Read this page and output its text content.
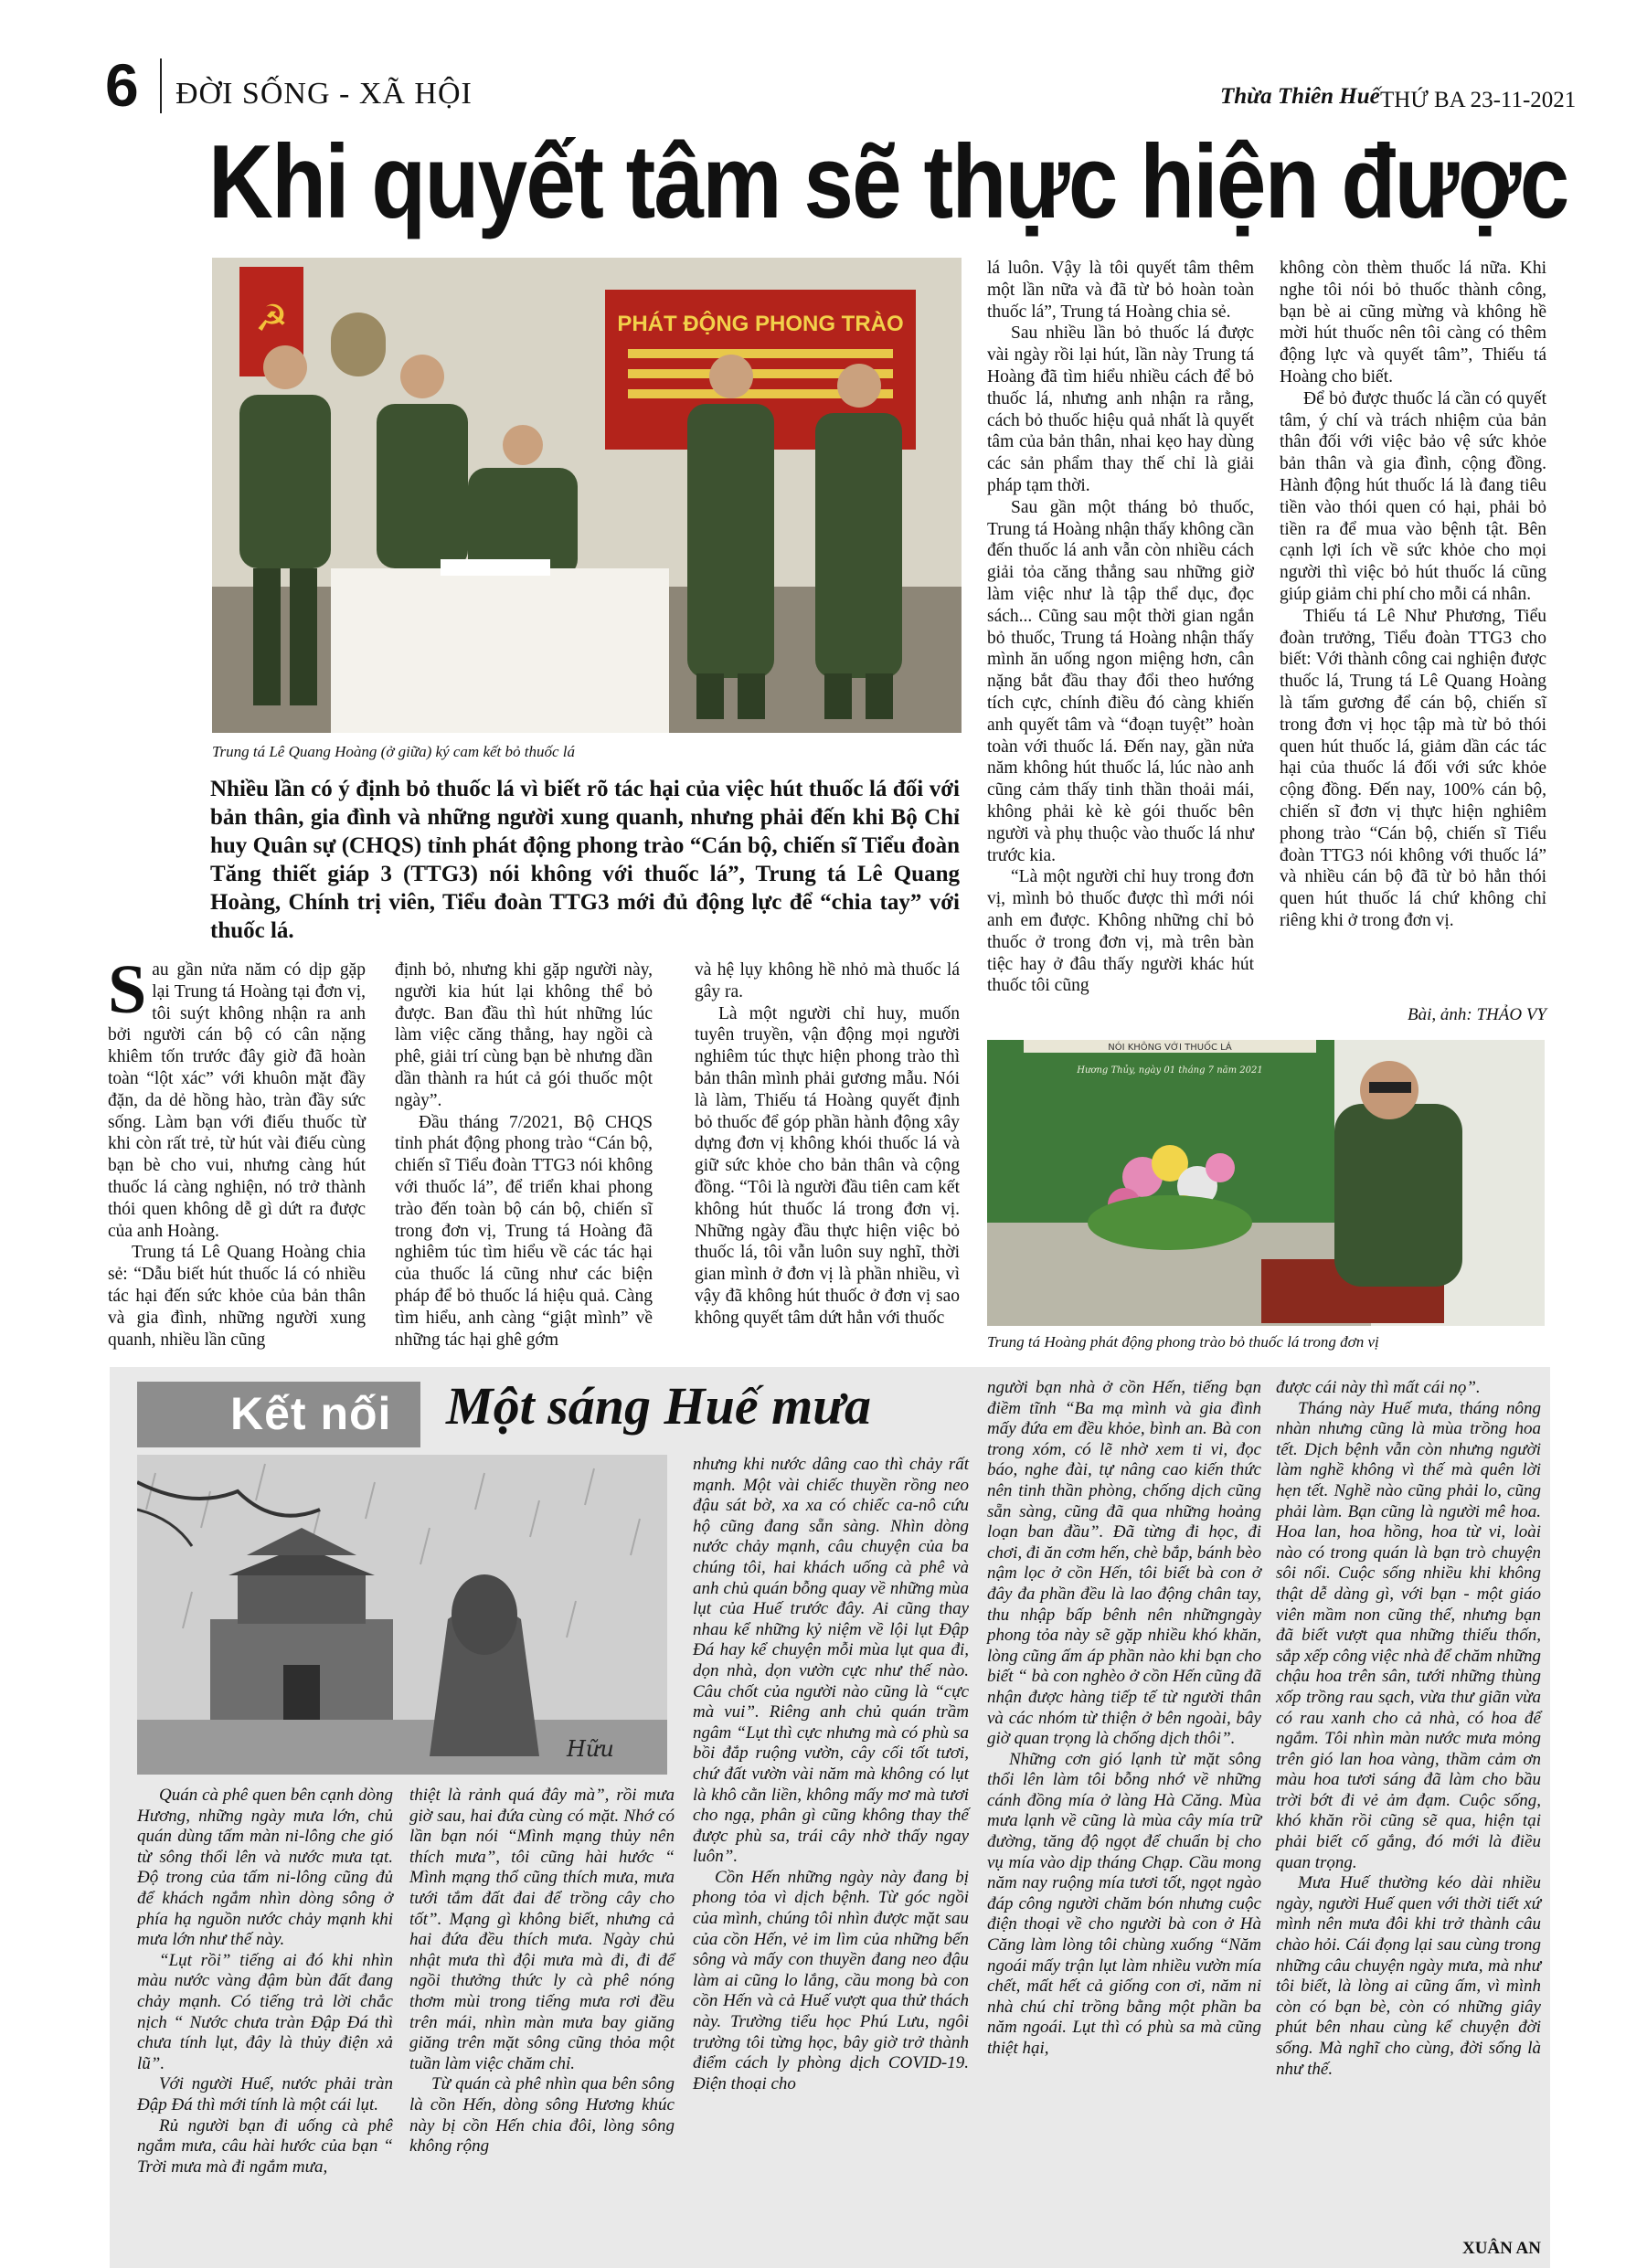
6 ĐỜI SỐNG - XÃ HỘI	Thừa Thiên Huế THỨ BA 23-11-2021
Khi quyết tâm sẽ thực hiện được
☭	PHÁT ĐỘNG PHONG TRÀO
Trung tá Lê Quang Hoàng (ở giữa) ký cam kết bỏ thuốc lá
Nhiều lần có ý định bỏ thuốc lá vì biết rõ tác hại của việc hút thuốc lá đối với bản thân, gia đình và những người xung quanh, nhưng phải đến khi Bộ Chỉ huy Quân sự (CHQS) tỉnh phát động phong trào “Cán bộ, chiến sĩ Tiểu đoàn Tăng thiết giáp 3 (TTG3) nói không với thuốc lá”, Trung tá Lê Quang Hoàng, Chính trị viên, Tiểu đoàn TTG3 mới đủ động lực để “chia tay” với thuốc lá.

Sau gần nửa năm có dịp gặp lại Trung tá Hoàng tại đơn vị, tôi suýt không nhận ra anh bởi người cán bộ có cân nặng khiêm tốn trước đây giờ đã hoàn toàn “lột xác” với khuôn mặt đầy đặn, da dẻ hồng hào, tràn đầy sức sống. Làm bạn với điếu thuốc từ khi còn rất trẻ, từ hút vài điếu cùng bạn bè cho vui, nhưng càng hút thuốc lá càng nghiện, nó trở thành thói quen không dễ gì dứt ra được của anh Hoàng.

Trung tá Lê Quang Hoàng chia sẻ: “Dẫu biết hút thuốc lá có nhiều tác hại đến sức khỏe của bản thân và gia đình, những người xung quanh, nhiều lần cũng

định bỏ, nhưng khi gặp người này, người kia hút lại không thể bỏ được. Ban đầu thì hút những lúc làm việc căng thẳng, hay ngồi cà phê, giải trí cùng bạn bè nhưng dần dần thành ra hút cả gói thuốc một ngày”.

Đầu tháng 7/2021, Bộ CHQS tỉnh phát động phong trào “Cán bộ, chiến sĩ Tiểu đoàn TTG3 nói không với thuốc lá”, để triển khai phong trào đến toàn bộ cán bộ, chiến sĩ trong đơn vị, Trung tá Hoàng đã nghiêm túc tìm hiểu về các tác hại của thuốc lá cũng như các biện pháp để bỏ thuốc lá hiệu quả. Càng tìm hiểu, anh càng “giật mình” về những tác hại ghê gớm

và hệ lụy không hề nhỏ mà thuốc lá gây ra.

Là một người chỉ huy, muốn tuyên truyền, vận động mọi người nghiêm túc thực hiện phong trào thì bản thân mình phải gương mẫu. Nói là làm, Thiếu tá Hoàng quyết định bỏ thuốc để góp phần hành động xây dựng đơn vị không khói thuốc lá và giữ sức khỏe cho bản thân và cộng đồng. “Tôi là người đầu tiên cam kết không hút thuốc lá trong đơn vị. Những ngày đầu thực hiện việc bỏ thuốc lá, tôi vẫn luôn suy nghĩ, thời gian mình ở đơn vị là phần nhiều, vì vậy đã không hút thuốc ở đơn vị sao không quyết tâm dứt hẳn với thuốc

lá luôn. Vậy là tôi quyết tâm thêm một lần nữa và đã từ bỏ hoàn toàn thuốc lá”, Trung tá Hoàng chia sẻ.

Sau nhiều lần bỏ thuốc lá được vài ngày rồi lại hút, lần này Trung tá Hoàng đã tìm hiểu nhiều cách để bỏ thuốc lá, nhưng anh nhận ra rằng, cách bỏ thuốc hiệu quả nhất là quyết tâm của bản thân, nhai kẹo hay dùng các sản phẩm thay thế chỉ là giải pháp tạm thời.

Sau gần một tháng bỏ thuốc, Trung tá Hoàng nhận thấy không cần đến thuốc lá anh vẫn còn nhiều cách giải tỏa căng thẳng sau những giờ làm việc như là tập thể dục, đọc sách... Cũng sau một thời gian ngắn bỏ thuốc, Trung tá Hoàng nhận thấy mình ăn uống ngon miệng hơn, cân nặng bắt đầu thay đổi theo hướng tích cực, chính điều đó càng khiến anh quyết tâm và “đoạn tuyệt” hoàn toàn với thuốc lá. Đến nay, gần nửa năm không hút thuốc lá, lúc nào anh cũng cảm thấy tinh thần thoải mái, không phải kè kè gói thuốc bên người và phụ thuộc vào thuốc lá như trước kia.

“Là một người chỉ huy trong đơn vị, mình bỏ thuốc được thì mới nói anh em được. Không những chỉ bỏ thuốc ở trong đơn vị, mà trên bàn tiệc hay ở đâu thấy người khác hút thuốc tôi cũng

không còn thèm thuốc lá nữa. Khi nghe tôi nói bỏ thuốc thành công, bạn bè ai cũng mừng và không hề mời hút thuốc nên tôi càng có thêm động lực và quyết tâm”, Thiếu tá Hoàng cho biết.

Để bỏ được thuốc lá cần có quyết tâm, ý chí và trách nhiệm của bản thân đối với việc bảo vệ sức khỏe bản thân và gia đình, cộng đồng. Hành động hút thuốc lá là đang tiêu tiền vào thói quen có hại, phải bỏ tiền ra để mua vào bệnh tật. Bên cạnh lợi ích về sức khỏe cho mọi người thì việc bỏ hút thuốc lá cũng giúp giảm chi phí cho mỗi cá nhân.

Thiếu tá Lê Như Phương, Tiểu đoàn trưởng, Tiểu đoàn TTG3 cho biết: Với thành công cai nghiện được thuốc lá, Trung tá Lê Quang Hoàng là tấm gương để cán bộ, chiến sĩ trong đơn vị học tập mà từ bỏ thói quen hút thuốc lá, giảm dần các tác hại của thuốc lá đối với sức khỏe cộng đồng. Đến nay, 100% cán bộ, chiến sĩ đơn vị thực hiện nghiêm phong trào “Cán bộ, chiến sĩ Tiểu đoàn TTG3 nói không với thuốc lá” và nhiều cán bộ đã từ bỏ hẳn thói quen hút thuốc lá chứ không chỉ riêng khi ở trong đơn vị.

Bài, ảnh: THẢO VY
NÓI KHÔNG VỚI THUỐC LÁ
Hương Thủy, ngày 01 tháng 7 năm 2021
Trung tá Hoàng phát động phong trào bỏ thuốc lá trong đơn vị
Kết nối Một sáng Huế mưa
Hữu

Quán cà phê quen bên cạnh dòng Hương, những ngày mưa lớn, chủ quán dùng tấm màn ni-lông che gió từ sông thổi lên và nước mưa tạt. Độ trong của tấm ni-lông cũng đủ để khách ngắm nhìn dòng sông ở phía hạ nguồn nước chảy mạnh khi mưa lớn như thế này.

“Lụt rồi” tiếng ai đó khi nhìn màu nước vàng đậm bùn đất đang chảy mạnh. Có tiếng trả lời chắc nịch “ Nước chưa tràn Đập Đá thì chưa tính lụt, đây là thủy điện xả lũ”.

Với người Huế, nước phải tràn Đập Đá thì mới tính là một cái lụt.

Rủ người bạn đi uống cà phê ngắm mưa, câu hài hước của bạn “ Trời mưa mà đi ngắm mưa,

thiệt là rảnh quá đây mà”, rồi mưa giờ sau, hai đứa cùng có mặt. Nhớ có lần bạn nói “Mình mạng thủy nên thích mưa”, tôi cũng hài hước “ Mình mạng thổ cũng thích mưa, mưa tưới tắm đất đai để trồng cây cho tốt”. Mạng gì không biết, nhưng cả hai đứa đều thích mưa. Ngày chủ nhật mưa thì đội mưa mà đi, đi để ngồi thưởng thức ly cà phê nóng thơm mùi trong tiếng mưa rơi đều trên mái, nhìn màn mưa bay giăng giăng trên mặt sông cũng thỏa một tuần làm việc chăm chỉ.

Từ quán cà phê nhìn qua bên sông là cồn Hến, dòng sông Hương khúc này bị cồn Hến chia đôi, lòng sông không rộng

nhưng khi nước dâng cao thì chảy rất mạnh. Một vài chiếc thuyền rồng neo đậu sát bờ, xa xa có chiếc ca-nô cứu hộ cũng đang sẵn sàng. Nhìn dòng nước chảy mạnh, câu chuyện của ba chúng tôi, hai khách uống cà phê và anh chủ quán bỗng quay về những mùa lụt của Huế trước đây. Ai cũng thay nhau kể những kỷ niệm về lội lụt Đập Đá hay kể chuyện mỗi mùa lụt qua đi, dọn nhà, dọn vườn cực như thế nào. Câu chốt của người nào cũng là “cực mà vui”. Riêng anh chủ quán trầm ngâm “Lụt thì cực nhưng mà có phù sa bồi đắp ruộng vườn, cây cối tốt tươi, chứ đất vườn vài năm mà không có lụt là khô cằn liền, không mấy mơ mà tươi cho ngạ, phân gì cũng không thay thế được phù sa, trái cây nhờ thấy ngay luôn”.

Cồn Hến những ngày này đang bị phong tỏa vì dịch bệnh. Từ góc ngồi của mình, chúng tôi nhìn được mặt sau của cồn Hến, vẻ im lìm của những bến sông và mấy con thuyền đang neo đậu làm ai cũng lo lắng, cầu mong bà con cồn Hến và cả Huế vượt qua thử thách này. Trường tiểu học Phú Lưu, ngôi trường tôi từng học, bây giờ trở thành điểm cách ly phòng dịch COVID-19. Điện thoại cho

người bạn nhà ở cồn Hến, tiếng bạn điềm tĩnh “Ba mạ mình và gia đình mấy đứa em đều khỏe, bình an. Bà con trong xóm, có lẽ nhờ xem ti vi, đọc báo, nghe đài, tự nâng cao kiến thức nên tinh thần phòng, chống dịch cũng sẵn sàng, cũng đã qua những hoảng loạn ban đầu”. Đã từng đi học, đi chơi, đi ăn cơm hến, chè bắp, bánh bèo nậm lọc ở cồn Hến, tôi biết bà con ở đây đa phần đều là lao động chân tay, thu nhập bấp bênh nên nhữngngày phong tỏa này sẽ gặp nhiều khó khăn, lòng cũng ấm áp phần nào khi bạn cho biết “ bà con nghèo ở cồn Hến cũng đã nhận được hàng tiếp tế từ người thân và các nhóm từ thiện ở bên ngoài, bây giờ quan trọng là chống dịch thôi”.

Những cơn gió lạnh từ mặt sông thổi lên làm tôi bỗng nhớ về những cánh đồng mía ở làng Hà Căng. Mùa mưa lạnh về cũng là mùa cây mía trữ đường, tăng độ ngọt để chuẩn bị cho vụ mía vào dịp tháng Chạp. Cầu mong năm nay ruộng mía tươi tốt, ngọt ngào đáp công người chăm bón nhưng cuộc điện thoại về cho người bà con ở Hà Căng làm lòng tôi chùng xuống “Năm ngoái mấy trận lụt làm nhiều vườn mía chết, mất hết cả giống con ơi, năm ni nhà chú chỉ trồng bằng một phần ba năm ngoái. Lụt thì có phù sa mà cũng thiệt hại,

được cái này thì mất cái nọ”.

Tháng này Huế mưa, tháng nông nhàn nhưng cũng là mùa trồng hoa tết. Dịch bệnh vẫn còn nhưng người làm nghề không vì thế mà quên lời hẹn tết. Nghề nào cũng phải lo, cũng phải làm. Bạn cũng là người mê hoa. Hoa lan, hoa hồng, hoa từ vi, loài nào có trong quán là bạn trò chuyện sôi nổi. Cuộc sống nhiều khi không thật dễ dàng gì, với bạn - một giáo viên mầm non cũng thế, nhưng bạn đã biết vượt qua những thiếu thốn, sắp xếp công việc nhà để chăm những chậu hoa trên sân, tưới những thùng xốp trồng rau sạch, vừa thư giãn vừa có rau xanh cho cả nhà, có hoa để ngắm. Tôi nhìn màn nước mưa mỏng trên gió lan hoa vàng, thầm cảm ơn màu hoa tươi sáng đã làm cho bầu trời bớt đi vẻ ảm đạm. Cuộc sống, khó khăn rồi cũng sẽ qua, hiện tại phải biết cố gắng, đó mới là điều quan trọng.

Mưa Huế thường kéo dài nhiều ngày, người Huế quen với thời tiết xứ mình nên mưa đôi khi trở thành câu chào hỏi. Cái đọng lại sau cùng trong những câu chuyện ngày mưa, mà như tôi biết, là lòng ai cũng ấm, vì mình còn có bạn bè, còn có những giây phút bên nhau cùng kể chuyện đời sống. Mà nghĩ cho cùng, đời sống là như thế.

XUÂN AN
